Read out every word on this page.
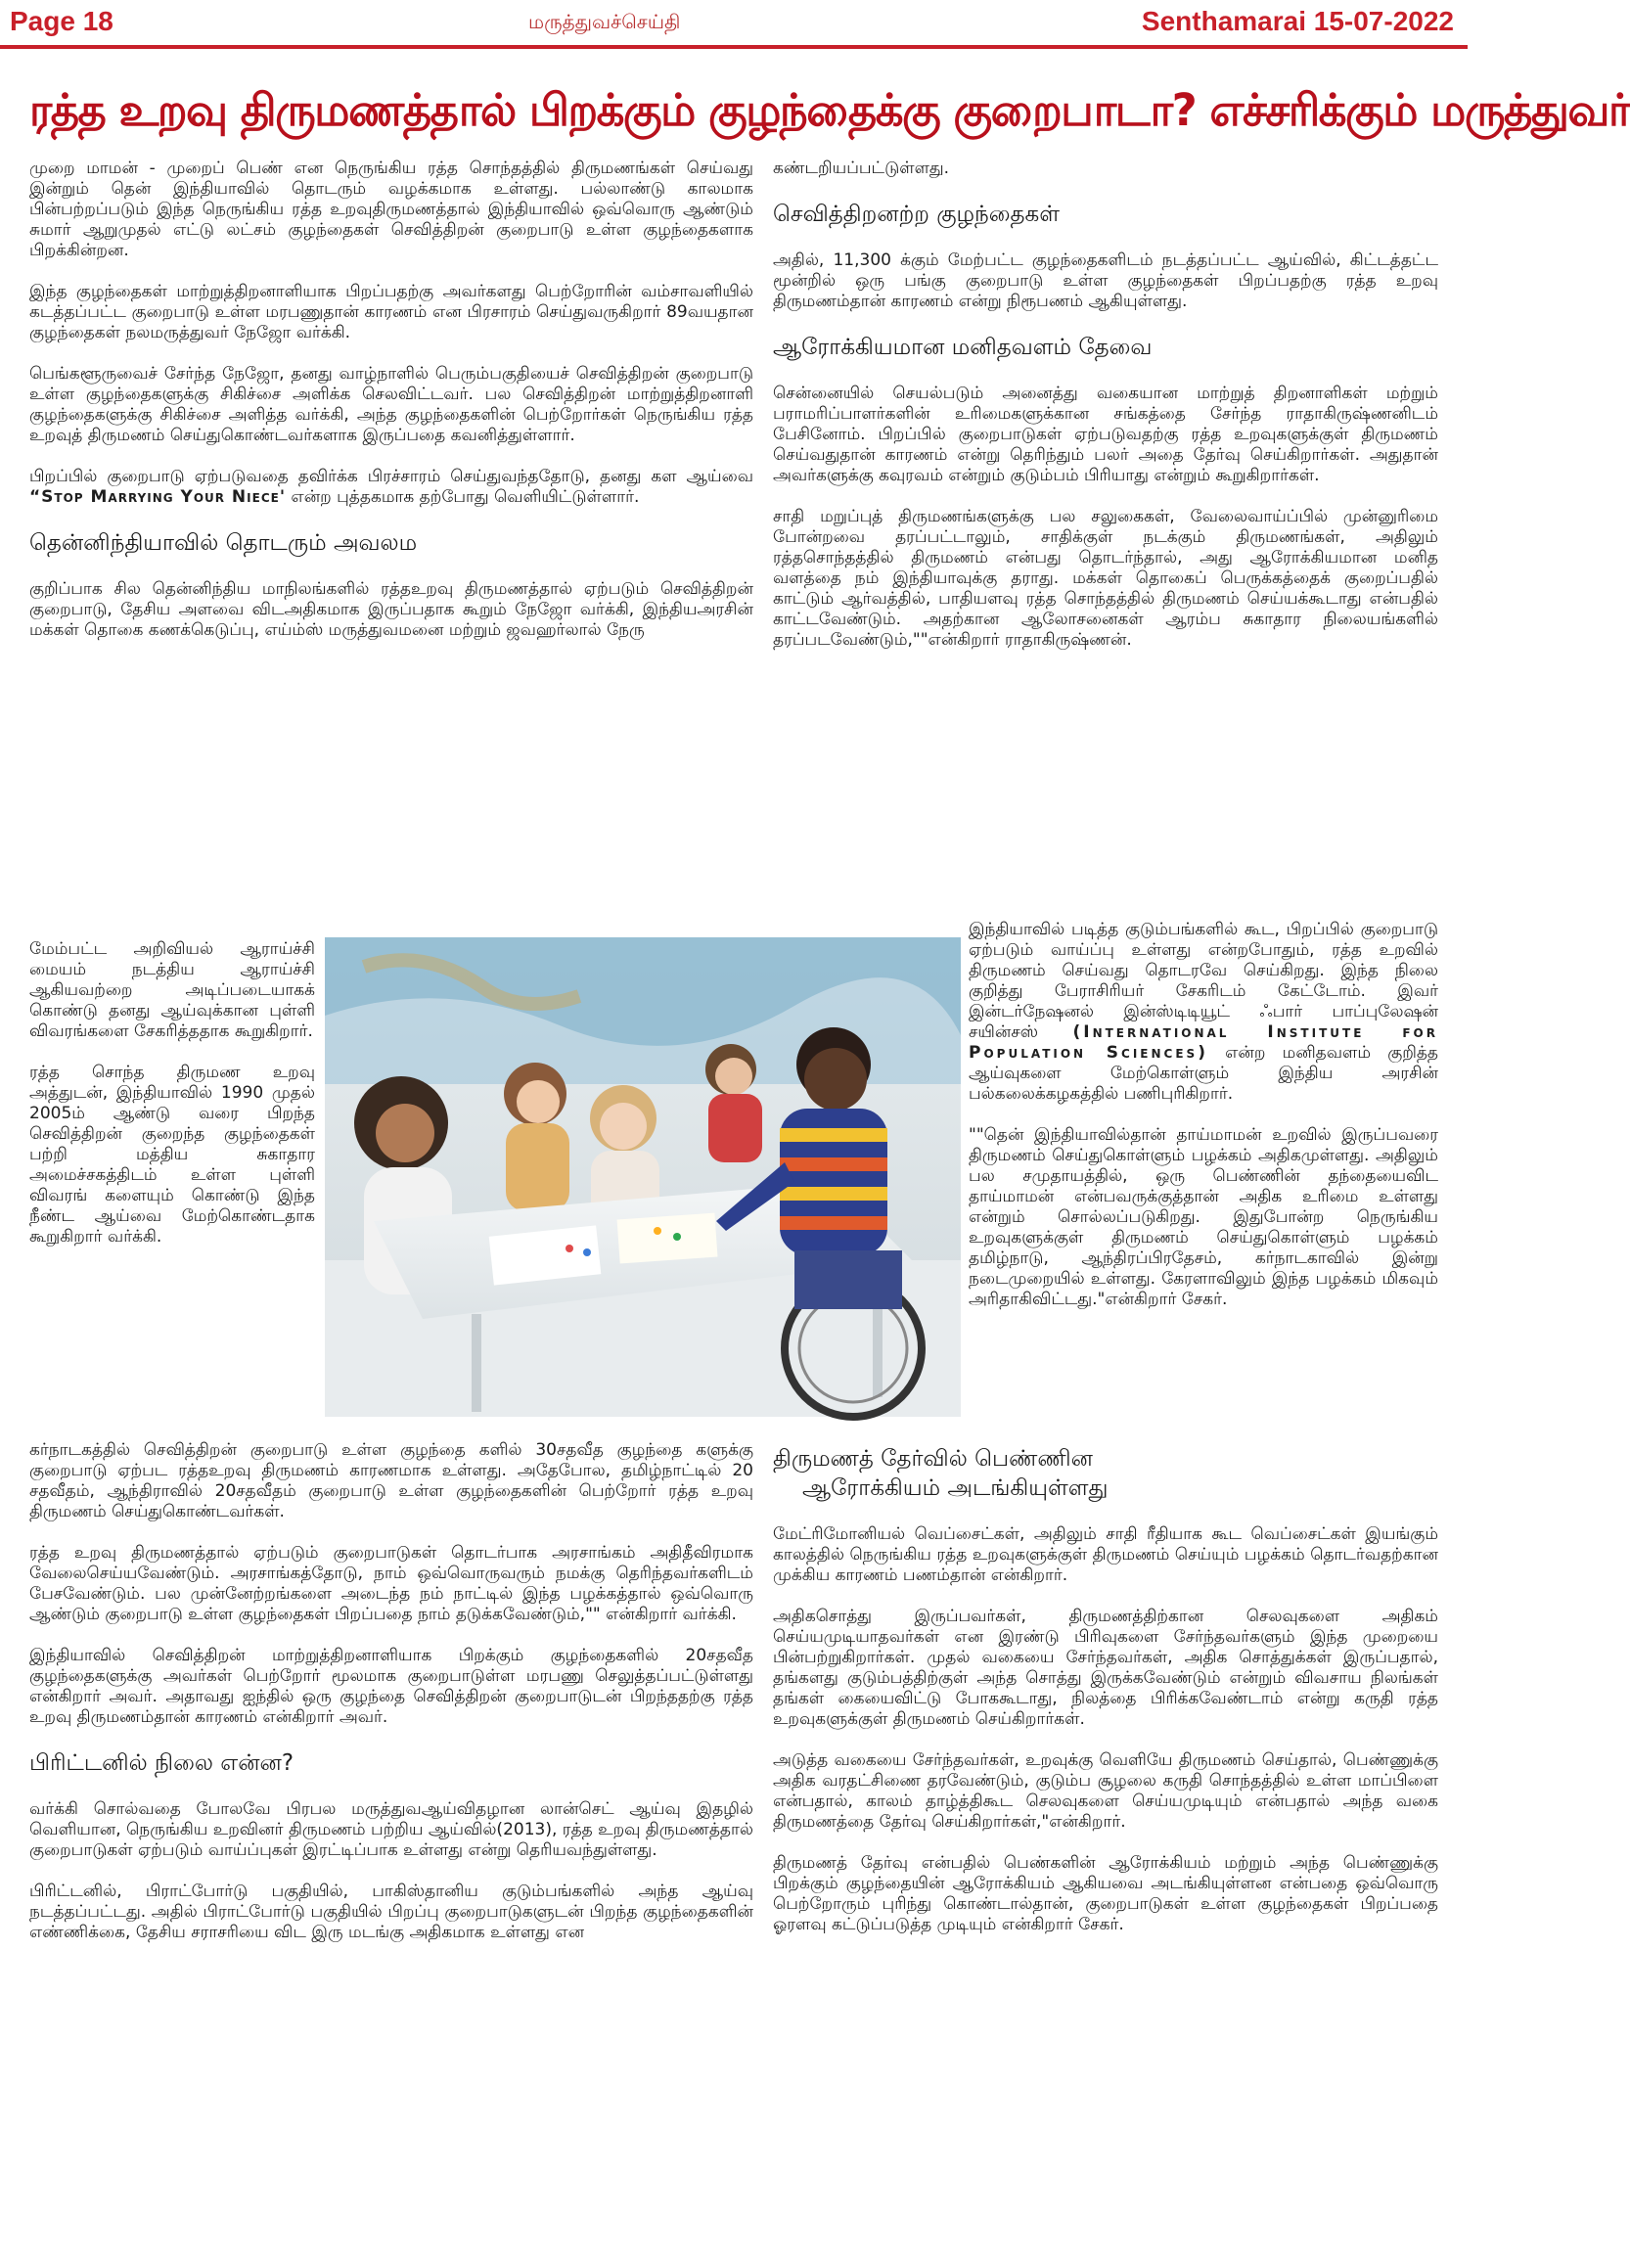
Page 18	மருத்துவச்செய்தி	Senthamarai 15-07-2022
ரத்த உறவு திருமணத்தால் பிறக்கும் குழந்தைக்கு குறைபாடா? எச்சரிக்கும் மருத்துவர்

முறை மாமன் - முறைப் பெண் என நெருங்கிய ரத்த சொந்தத்தில் திருமணங்கள் செய்வது இன்றும் தென் இந்தியாவில் தொடரும் வழக்கமாக உள்ளது. பல்லாண்டு காலமாக பின்பற்றப்படும் இந்த நெருங்கிய ரத்த உறவுதிருமணத்தால் இந்தியாவில் ஒவ்வொரு ஆண்டும் சுமார் ஆறுமுதல் எட்டு லட்சம் குழந்தைகள் செவித்திறன் குறைபாடு உள்ள குழந்தைகளாக பிறக்கின்றன.

இந்த குழந்தைகள் மாற்றுத்திறனாளியாக பிறப்பதற்கு அவர்களது பெற்றோரின் வம்சாவளியில் கடத்தப்பட்ட குறைபாடு உள்ள மரபணுதான் காரணம் என பிரசாரம் செய்துவருகிறார் 89வயதான குழந்தைகள் நலமருத்துவர் நேஜோ வர்க்கி.

பெங்களூருவைச் சேர்ந்த நேஜோ, தனது வாழ்நாளில் பெரும்பகுதியைச் செவித்திறன் குறைபாடு உள்ள குழந்தைகளுக்கு சிகிச்சை அளிக்க செலவிட்டவர். பல செவித்திறன் மாற்றுத்திறனாளி குழந்தைகளுக்கு சிகிச்சை அளித்த வர்க்கி, அந்த குழந்தைகளின் பெற்றோர்கள் நெருங்கிய ரத்த உறவுத் திருமணம் செய்துகொண்டவர்களாக இருப்பதை கவனித்துள்ளார்.

பிறப்பில் குறைபாடு ஏற்படுவதை தவிர்க்க பிரச்சாரம் செய்துவந்ததோடு, தனது கள ஆய்வை “Stop Marrying Your Niece' என்ற புத்தகமாக தற்போது வெளியிட்டுள்ளார்.

தென்னிந்தியாவில் தொடரும் அவலம

குறிப்பாக சில தென்னிந்திய மாநிலங்களில் ரத்தஉறவு திருமணத்தால் ஏற்படும் செவித்திறன் குறைபாடு, தேசிய அளவை விடஅதிகமாக இருப்பதாக கூறும் நேஜோ வர்க்கி, இந்தியஅரசின் மக்கள் தொகை கணக்கெடுப்பு, எய்ம்ஸ் மருத்துவமனை மற்றும் ஜவஹர்லால் நேரு

மேம்பட்ட அறிவியல் ஆராய்ச்சி மையம் நடத்திய ஆராய்ச்சி ஆகியவற்றை அடிப்படையாகக் கொண்டு தனது ஆய்வுக்கான புள்ளி விவரங்களை சேகரித்ததாக கூறுகிறார்.

ரத்த சொந்த திருமண உறவு அத்துடன், இந்தியாவில் 1990 முதல் 2005ம் ஆண்டு வரை பிறந்த செவித்திறன் குறைந்த குழந்தைகள் பற்றி மத்திய சுகாதார அமைச்சகத்திடம் உள்ள புள்ளி விவரங் களையும் கொண்டு இந்த நீண்ட ஆய்வை மேற்கொண்டதாக கூறுகிறார் வர்க்கி.

இந்தியாவில் படித்த குடும்பங்களில் கூட, பிறப்பில் குறைபாடு ஏற்படும் வாய்ப்பு உள்ளது என்றபோதும், ரத்த உறவில் திருமணம் செய்வது தொடரவே செய்கிறது. இந்த நிலை குறித்து பேராசிரியர் சேகரிடம் கேட்டோம். இவர் இன்டர்நேஷனல் இன்ஸ்டிடியூட் ஃபார் பாப்புலேஷன் சயின்சஸ் (International Institute for Population Sciences) என்ற மனிதவளம் குறித்த ஆய்வுகளை மேற்கொள்ளும் இந்திய அரசின் பல்கலைக்கழகத்தில் பணிபுரிகிறார்.

""தென் இந்தியாவில்தான் தாய்மாமன் உறவில் இருப்பவரை திருமணம் செய்துகொள்ளும் பழக்கம் அதிகமுள்ளது. அதிலும் பல சமுதாயத்தில், ஒரு பெண்ணின் தந்தையைவிட தாய்மாமன் என்பவருக்குத்தான் அதிக உரிமை உள்ளது என்றும் சொல்லப்படுகிறது. இதுபோன்ற நெருங்கிய உறவுகளுக்குள் திருமணம் செய்துகொள்ளும் பழக்கம் தமிழ்நாடு, ஆந்திரப்பிரதேசம், கர்நாடகாவில் இன்று நடைமுறையில் உள்ளது. கேரளாவிலும் இந்த பழக்கம் மிகவும் அரிதாகிவிட்டது."என்கிறார் சேகர்.

கண்டறியப்பட்டுள்ளது.

செவித்திறனற்ற குழந்தைகள்

அதில், 11,300 க்கும் மேற்பட்ட குழந்தைகளிடம் நடத்தப்பட்ட ஆய்வில், கிட்டத்தட்ட மூன்றில் ஒரு பங்கு குறைபாடு உள்ள குழந்தைகள் பிறப்பதற்கு ரத்த உறவு திருமணம்தான் காரணம் என்று நிரூபணம் ஆகியுள்ளது.

ஆரோக்கியமான மனிதவளம் தேவை

சென்னையில் செயல்படும் அனைத்து வகையான மாற்றுத் திறனாளிகள் மற்றும் பராமரிப்பாளர்களின் உரிமைகளுக்கான சங்கத்தை சேர்ந்த ராதாகிருஷ்ணனிடம் பேசினோம். பிறப்பில் குறைபாடுகள் ஏற்படுவதற்கு ரத்த உறவுகளுக்குள் திருமணம் செய்வதுதான் காரணம் என்று தெரிந்தும் பலர் அதை தேர்வு செய்கிறார்கள். அதுதான் அவர்களுக்கு கவுரவம் என்றும் குடும்பம் பிரியாது என்றும் கூறுகிறார்கள்.

சாதி மறுப்புத் திருமணங்களுக்கு பல சலுகைகள், வேலைவாய்ப்பில் முன்னுரிமை போன்றவை தரப்பட்டாலும், சாதிக்குள் நடக்கும் திருமணங்கள், அதிலும் ரத்தசொந்தத்தில் திருமணம் என்பது தொடர்ந்தால், அது ஆரோக்கியமான மனித வளத்தை நம் இந்தியாவுக்கு தராது. மக்கள் தொகைப் பெருக்கத்தைக் குறைப்பதில் காட்டும் ஆர்வத்தில், பாதியளவு ரத்த சொந்தத்தில் திருமணம் செய்யக்கூடாது என்பதில் காட்டவேண்டும். அதற்கான ஆலோசனைகள் ஆரம்ப சுகாதார நிலையங்களில் தரப்படவேண்டும்,""என்கிறார் ராதாகிருஷ்ணன்.

கர்நாடகத்தில் செவித்திறன் குறைபாடு உள்ள குழந்தை களில் 30சதவீத குழந்தை களுக்கு குறைபாடு ஏற்பட ரத்தஉறவு திருமணம் காரணமாக உள்ளது. அதேபோல, தமிழ்நாட்டில் 20 சதவீதம், ஆந்திராவில் 20சதவீதம் குறைபாடு உள்ள குழந்தைகளின் பெற்றோர் ரத்த உறவு திருமணம் செய்துகொண்டவர்கள்.

ரத்த உறவு திருமணத்தால் ஏற்படும் குறைபாடுகள் தொடர்பாக அரசாங்கம் அதிதீவிரமாக வேலைசெய்யவேண்டும். அரசாங்கத்தோடு, நாம் ஒவ்வொருவரும் நமக்கு தெரிந்தவர்களிடம் பேசவேண்டும். பல முன்னேற்றங்களை அடைந்த நம் நாட்டில் இந்த பழக்கத்தால் ஒவ்வொரு ஆண்டும் குறைபாடு உள்ள குழந்தைகள் பிறப்பதை நாம் தடுக்கவேண்டும்,"" என்கிறார் வர்க்கி.

இந்தியாவில் செவித்திறன் மாற்றுத்திறனாளியாக பிறக்கும் குழந்தைகளில் 20சதவீத குழந்தைகளுக்கு அவர்கள் பெற்றோர் மூலமாக குறைபாடுள்ள மரபணு செலுத்தப்பட்டுள்ளது என்கிறார் அவர். அதாவது ஐந்தில் ஒரு குழந்தை செவித்திறன் குறைபாடுடன் பிறந்ததற்கு ரத்த உறவு திருமணம்தான் காரணம் என்கிறார் அவர்.

பிரிட்டனில் நிலை என்ன?

வர்க்கி சொல்வதை போலவே பிரபல மருத்துவஆய்விதழான லான்செட் ஆய்வு இதழில் வெளியான, நெருங்கிய உறவினர் திருமணம் பற்றிய ஆய்வில்(2013), ரத்த உறவு திருமணத்தால் குறைபாடுகள் ஏற்படும் வாய்ப்புகள் இரட்டிப்பாக உள்ளது என்று தெரியவந்துள்ளது.

பிரிட்டனில், பிராட்போர்டு பகுதியில், பாகிஸ்தானிய குடும்பங்களில் அந்த ஆய்வு நடத்தப்பட்டது. அதில் பிராட்போர்டு பகுதியில் பிறப்பு குறைபாடுகளுடன் பிறந்த குழந்தைகளின் எண்ணிக்கை, தேசிய சராசரியை விட இரு மடங்கு அதிகமாக உள்ளது என

திருமணத் தேர்வில் பெண்ணின
ஆரோக்கியம் அடங்கியுள்ளது

மேட்ரிமோனியல் வெப்சைட்கள், அதிலும் சாதி ரீதியாக கூட வெப்சைட்கள் இயங்கும் காலத்தில் நெருங்கிய ரத்த உறவுகளுக்குள் திருமணம் செய்யும் பழக்கம் தொடர்வதற்கான முக்கிய காரணம் பணம்தான் என்கிறார்.

அதிகசொத்து இருப்பவர்கள், திருமணத்திற்கான செலவுகளை அதிகம் செய்யமுடியாதவர்கள் என இரண்டு பிரிவுகளை சேர்ந்தவர்களும் இந்த முறையை பின்பற்றுகிறார்கள். முதல் வகையை சேர்ந்தவர்கள், அதிக சொத்துக்கள் இருப்பதால், தங்களது குடும்பத்திற்குள் அந்த சொத்து இருக்கவேண்டும் என்றும் விவசாய நிலங்கள் தங்கள் கையைவிட்டு போககூடாது, நிலத்தை பிரிக்கவேண்டாம் என்று கருதி ரத்த உறவுகளுக்குள் திருமணம் செய்கிறார்கள்.

அடுத்த வகையை சேர்ந்தவர்கள், உறவுக்கு வெளியே திருமணம் செய்தால், பெண்ணுக்கு அதிக வரதட்சிணை தரவேண்டும், குடும்ப சூழலை கருதி சொந்தத்தில் உள்ள மாப்பிளை என்பதால், காலம் தாழ்த்திகூட செலவுகளை செய்யமுடியும் என்பதால் அந்த வகை திருமணத்தை தேர்வு செய்கிறார்கள்,"என்கிறார்.

திருமணத் தேர்வு என்பதில் பெண்களின் ஆரோக்கியம் மற்றும் அந்த பெண்ணுக்கு பிறக்கும் குழந்தையின் ஆரோக்கியம் ஆகியவை அடங்கியுள்ளன என்பதை ஒவ்வொரு பெற்றோரும் புரிந்து கொண்டால்தான், குறைபாடுகள் உள்ள குழந்தைகள் பிறப்பதை ஓரளவு கட்டுப்படுத்த முடியும் என்கிறார் சேகர்.
